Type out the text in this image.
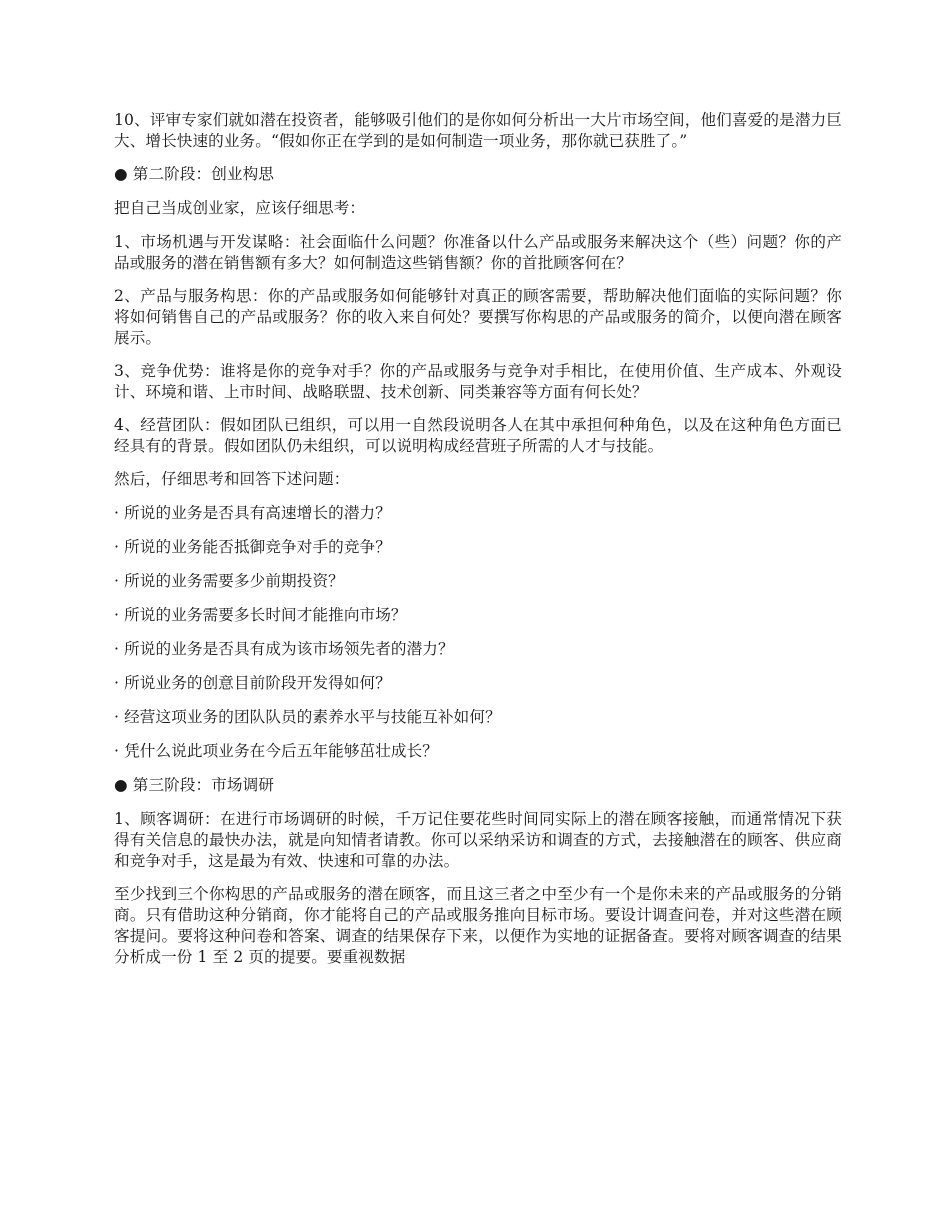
10、评审专家们就如潜在投资者，能够吸引他们的是你如何分析出一大片市场空间，他们喜爱的是潜力巨大、增长快速的业务。“假如你正在学到的是如何制造一项业务，那你就已获胜了。”

● 第二阶段：创业构思

把自己当成创业家，应该仔细思考：

1、市场机遇与开发谋略：社会面临什么问题？你准备以什么产品或服务来解决这个（些）问题？你的产品或服务的潜在销售额有多大？如何制造这些销售额？你的首批顾客何在？

2、产品与服务构思：你的产品或服务如何能够针对真正的顾客需要，帮助解决他们面临的实际问题？你将如何销售自己的产品或服务？你的收入来自何处？要撰写你构思的产品或服务的简介，以便向潜在顾客展示。

3、竞争优势：谁将是你的竞争对手？你的产品或服务与竞争对手相比，在使用价值、生产成本、外观设计、环境和谐、上市时间、战略联盟、技术创新、同类兼容等方面有何长处？

4、经营团队：假如团队已组织，可以用一自然段说明各人在其中承担何种角色，以及在这种角色方面已经具有的背景。假如团队仍未组织，可以说明构成经营班子所需的人才与技能。

然后，仔细思考和回答下述问题：

· 所说的业务是否具有高速增长的潜力？

· 所说的业务能否抵御竞争对手的竞争？

· 所说的业务需要多少前期投资？

· 所说的业务需要多长时间才能推向市场？

· 所说的业务是否具有成为该市场领先者的潜力？

· 所说业务的创意目前阶段开发得如何？

· 经营这项业务的团队队员的素养水平与技能互补如何？

· 凭什么说此项业务在今后五年能够茁壮成长？

● 第三阶段：市场调研

1、顾客调研：在进行市场调研的时候，千万记住要花些时间同实际上的潜在顾客接触，而通常情况下获得有关信息的最快办法，就是向知情者请教。你可以采纳采访和调查的方式，去接触潜在的顾客、供应商和竞争对手，这是最为有效、快速和可靠的办法。

至少找到三个你构思的产品或服务的潜在顾客，而且这三者之中至少有一个是你未来的产品或服务的分销商。只有借助这种分销商，你才能将自己的产品或服务推向目标市场。要设计调查问卷，并对这些潜在顾客提问。要将这种问卷和答案、调查的结果保存下来，以便作为实地的证据备查。要将对顾客调查的结果分析成一份 1 至 2 页的提要。要重视数据
